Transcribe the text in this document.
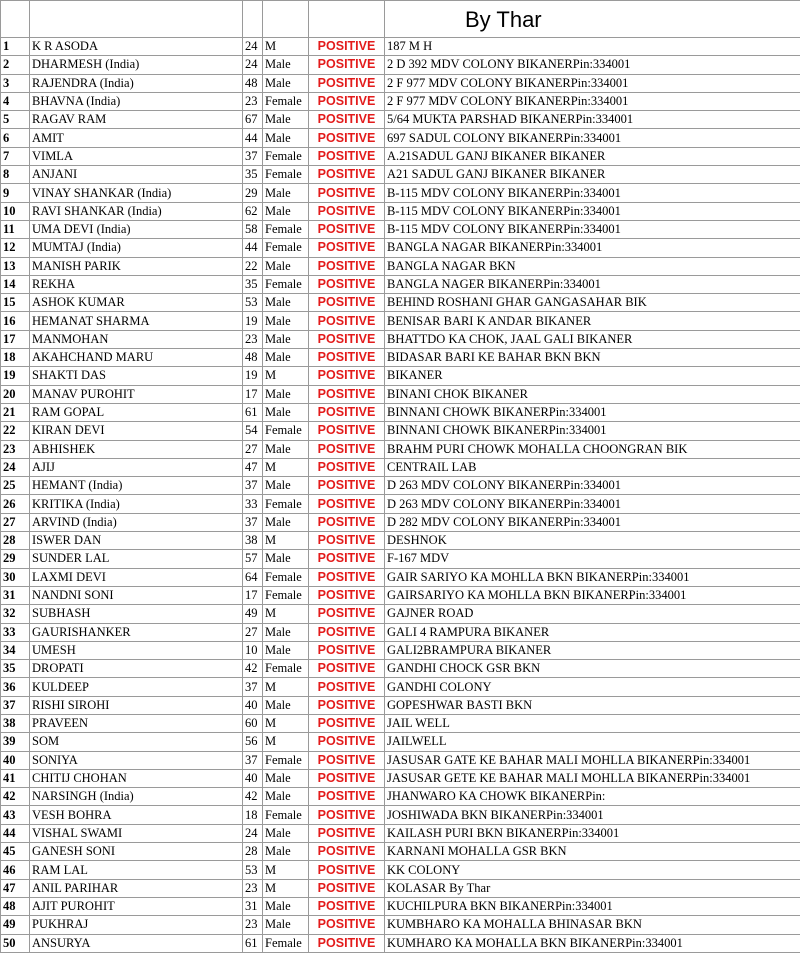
					By Thar
1	K R ASODA	24	M	POSITIVE	187 M H
2	DHARMESH (India)	24	Male	POSITIVE	2 D 392 MDV COLONY BIKANERPin:334001
3	RAJENDRA (India)	48	Male	POSITIVE	2 F 977 MDV COLONY BIKANERPin:334001
4	BHAVNA (India)	23	Female	POSITIVE	2 F 977 MDV COLONY BIKANERPin:334001
5	RAGAV RAM	67	Male	POSITIVE	5/64 MUKTA PARSHAD BIKANERPin:334001
6	AMIT	44	Male	POSITIVE	697 SADUL COLONY BIKANERPin:334001
7	VIMLA	37	Female	POSITIVE	A.21SADUL GANJ BIKANER BIKANER
8	ANJANI	35	Female	POSITIVE	A21 SADUL GANJ BIKANER BIKANER
9	VINAY SHANKAR (India)	29	Male	POSITIVE	B-115 MDV COLONY BIKANERPin:334001
10	RAVI SHANKAR (India)	62	Male	POSITIVE	B-115 MDV COLONY BIKANERPin:334001
11	UMA DEVI (India)	58	Female	POSITIVE	B-115 MDV COLONY BIKANERPin:334001
12	MUMTAJ (India)	44	Female	POSITIVE	BANGLA NAGAR BIKANERPin:334001
13	MANISH PARIK	22	Male	POSITIVE	BANGLA NAGAR BKN
14	REKHA	35	Female	POSITIVE	BANGLA NAGER BIKANERPin:334001
15	ASHOK KUMAR	53	Male	POSITIVE	BEHIND ROSHANI GHAR GANGASAHAR BIK
16	HEMANAT SHARMA	19	Male	POSITIVE	BENISAR BARI K ANDAR BIKANER
17	MANMOHAN	23	Male	POSITIVE	BHATTDO KA CHOK, JAAL GALI BIKANER
18	AKAHCHAND MARU	48	Male	POSITIVE	BIDASAR BARI KE BAHAR BKN BKN
19	SHAKTI DAS	19	M	POSITIVE	BIKANER
20	MANAV PUROHIT	17	Male	POSITIVE	BINANI CHOK BIKANER
21	RAM GOPAL	61	Male	POSITIVE	BINNANI CHOWK BIKANERPin:334001
22	KIRAN DEVI	54	Female	POSITIVE	BINNANI CHOWK BIKANERPin:334001
23	ABHISHEK	27	Male	POSITIVE	BRAHM PURI CHOWK MOHALLA CHOONGRAN BIK
24	AJIJ	47	M	POSITIVE	CENTRAIL LAB
25	HEMANT (India)	37	Male	POSITIVE	D 263 MDV COLONY BIKANERPin:334001
26	KRITIKA (India)	33	Female	POSITIVE	D 263 MDV COLONY BIKANERPin:334001
27	ARVIND (India)	37	Male	POSITIVE	D 282 MDV COLONY BIKANERPin:334001
28	ISWER DAN	38	M	POSITIVE	DESHNOK
29	SUNDER LAL	57	Male	POSITIVE	F-167 MDV
30	LAXMI DEVI	64	Female	POSITIVE	GAIR SARIYO KA MOHLLA BKN BIKANERPin:334001
31	NANDNI SONI	17	Female	POSITIVE	GAIRSARIYO KA MOHLLA BKN BIKANERPin:334001
32	SUBHASH	49	M	POSITIVE	GAJNER ROAD
33	GAURISHANKER	27	Male	POSITIVE	GALI 4 RAMPURA BIKANER
34	UMESH	10	Male	POSITIVE	GALI2BRAMPURA BIKANER
35	DROPATI	42	Female	POSITIVE	GANDHI CHOCK GSR BKN
36	KULDEEP	37	M	POSITIVE	GANDHI COLONY
37	RISHI SIROHI	40	Male	POSITIVE	GOPESHWAR BASTI BKN
38	PRAVEEN	60	M	POSITIVE	JAIL WELL
39	SOM	56	M	POSITIVE	JAILWELL
40	SONIYA	37	Female	POSITIVE	JASUSAR GATE KE BAHAR MALI MOHLLA BIKANERPin:334001
41	CHITIJ CHOHAN	40	Male	POSITIVE	JASUSAR GETE KE BAHAR MALI MOHLLA BIKANERPin:334001
42	NARSINGH (India)	42	Male	POSITIVE	JHANWARO KA CHOWK BIKANERPin:
43	VESH BOHRA	18	Female	POSITIVE	JOSHIWADA BKN BIKANERPin:334001
44	VISHAL SWAMI	24	Male	POSITIVE	KAILASH PURI BKN BIKANERPin:334001
45	GANESH SONI	28	Male	POSITIVE	KARNANI MOHALLA GSR BKN
46	RAM LAL	53	M	POSITIVE	KK COLONY
47	ANIL PARIHAR	23	M	POSITIVE	KOLASAR By Thar
48	AJIT PUROHIT	31	Male	POSITIVE	KUCHILPURA BKN BIKANERPin:334001
49	PUKHRAJ	23	Male	POSITIVE	KUMBHARO KA MOHALLA BHINASAR BKN
50	ANSURYA	61	Female	POSITIVE	KUMHARO KA MOHALLA BKN BIKANERPin:334001
